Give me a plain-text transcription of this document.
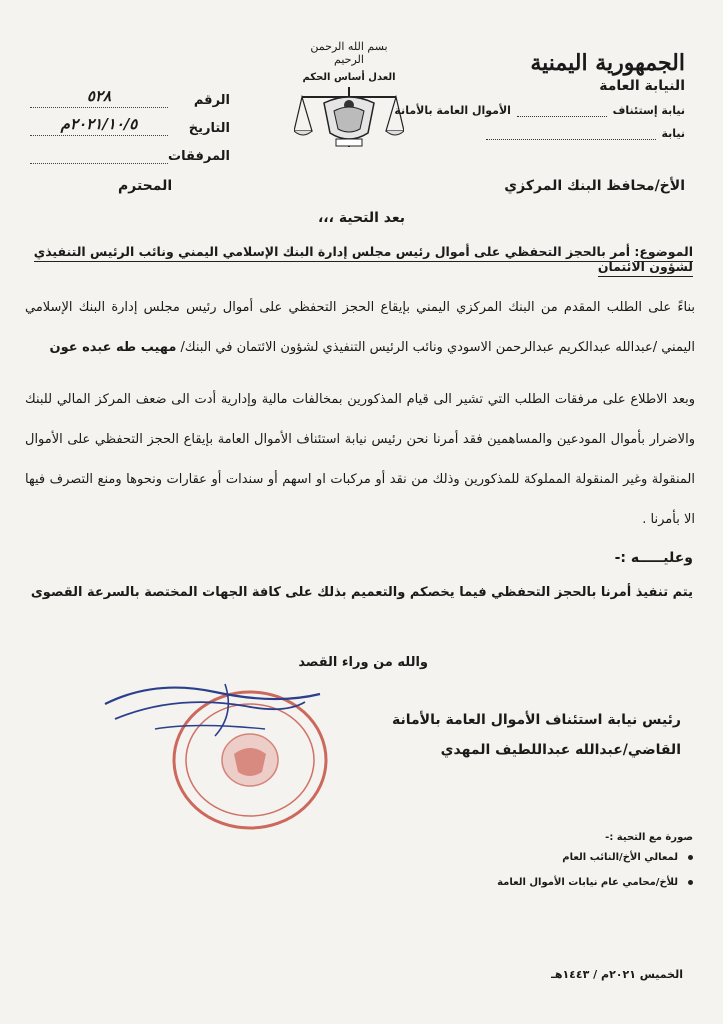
الجمهورية اليمنية
النيابة العامة
نيابة إستئناف  الأموال العامة بالأمانة
نيابة
بسم الله الرحمن الرحيم
العدل أساس الحكم
الرقم
٥٢٨
التاريخ
٢٠٢١/١٠/٥م
المرفقات
الأخ/محافظ البنك المركزي
المحترم
بعد التحية ،،،
الموضوع: أمر بالحجز التحفظي على أموال رئيس مجلس إدارة البنك الإسلامي اليمني ونائب الرئيس التنفيذي لشؤون الائتمان
بناءً على الطلب المقدم من البنك المركزي اليمني بإيقاع الحجز التحفظي على أموال رئيس مجلس إدارة البنك الإسلامي اليمني /عبدالله عبدالكريم عبدالرحمن الاسودي ونائب الرئيس التنفيذي لشؤون الائتمان في البنك/ مهيب طه عبده عون
وبعد الاطلاع على مرفقات الطلب التي تشير الى قيام المذكورين بمخالفات مالية وإدارية أدت الى ضعف المركز المالي للبنك والاضرار بأموال المودعين والمساهمين فقد أمرنا نحن رئيس نيابة استئناف الأموال العامة بإيقاع الحجز التحفظي على الأموال المنقولة وغير المنقولة المملوكة للمذكورين وذلك من نقد أو مركبات او اسهم أو سندات أو عقارات ونحوها ومنع التصرف فيها الا بأمرنا .
وعليـــــه :-
يتم تنفيذ أمرنا بالحجز التحفظي فيما يخصكم والتعميم بذلك على كافة الجهات المختصة بالسرعة القصوى
والله من وراء القصد
رئيس نيابة استئناف الأموال العامة بالأمانة
القاضي/عبدالله عبداللطيف المهدي
صورة مع التحية :-
لمعالي الأخ/النائب العام
للأخ/محامي عام نيابات الأموال العامة
الخميس ٢٠٢١م / ١٤٤٣هـ
